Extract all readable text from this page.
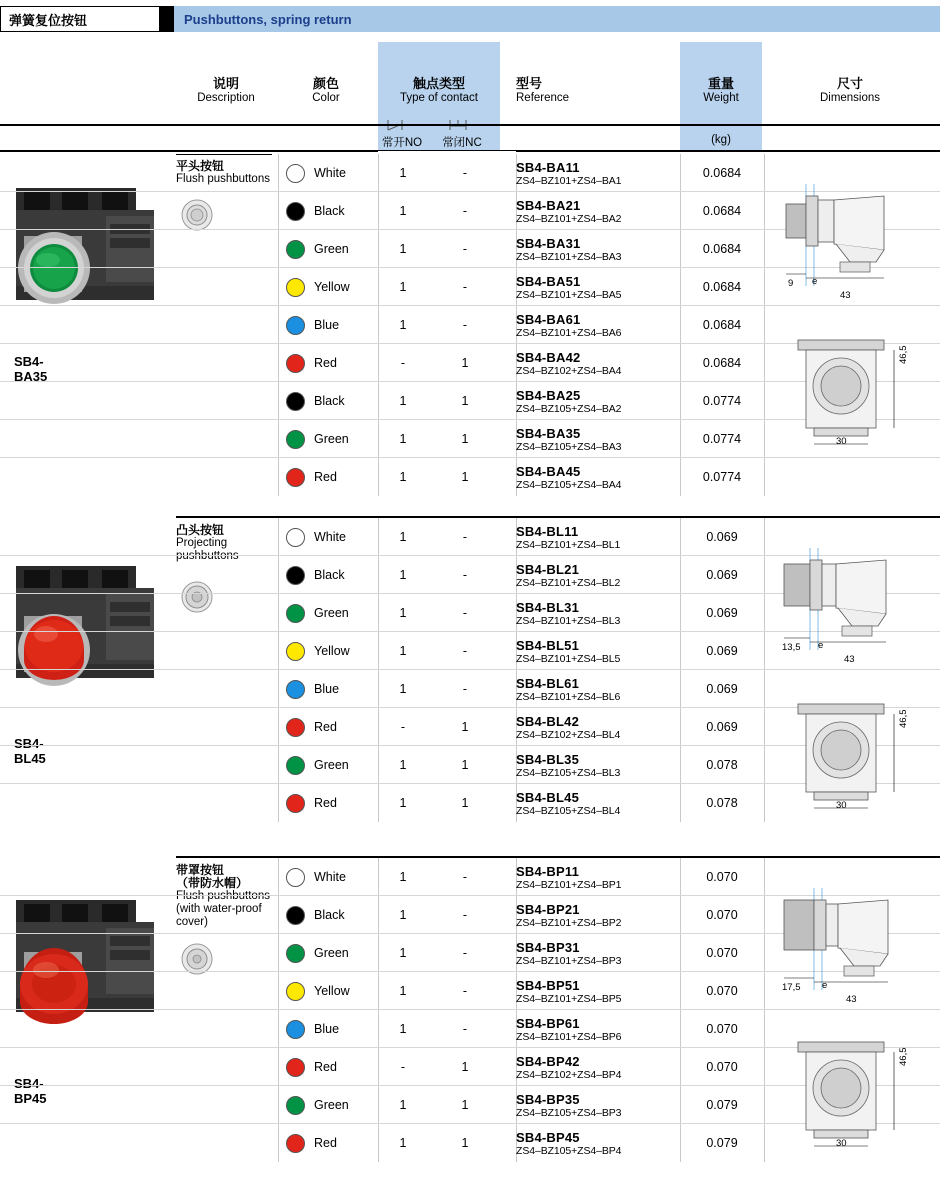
弹簧复位按钮	Pushbuttons, spring return
说明
Description
颜色
Color
触点类型
Type of contact
型号
Reference
重量
Weight
尺寸
Dimensions
常开NO	常闭NC	(kg)
平头按钮
Flush pushbuttons
SB4-BA35
White	1	-	SB4-BA11
ZS4–BZ101+ZS4–BA1
0.0684
Black	1	-	SB4-BA21
ZS4–BZ101+ZS4–BA2
0.0684
Green	1	-	SB4-BA31
ZS4–BZ101+ZS4–BA3
0.0684
Yellow	1	-	SB4-BA51
ZS4–BZ101+ZS4–BA5
0.0684
Blue	1	-	SB4-BA61
ZS4–BZ101+ZS4–BA6
0.0684
Red	-	1	SB4-BA42
ZS4–BZ102+ZS4–BA4
0.0684
Black	1	1	SB4-BA25
ZS4–BZ105+ZS4–BA2
0.0774
Green	1	1	SB4-BA35
ZS4–BZ105+ZS4–BA3
0.0774
Red	1	1	SB4-BA45
ZS4–BZ105+ZS4–BA4
0.0774
9 e
43
46,5
30
凸头按钮
Projecting
pushbuttons
SB4-BL45
White	1	-	SB4-BL11
ZS4–BZ101+ZS4–BL1
0.069
Black	1	-	SB4-BL21
ZS4–BZ101+ZS4–BL2
0.069
Green	1	-	SB4-BL31
ZS4–BZ101+ZS4–BL3
0.069
Yellow	1	-	SB4-BL51
ZS4–BZ101+ZS4–BL5
0.069
Blue	1	-	SB4-BL61
ZS4–BZ101+ZS4–BL6
0.069
Red	-	1	SB4-BL42
ZS4–BZ102+ZS4–BL4
0.069
Green	1	1	SB4-BL35
ZS4–BZ105+ZS4–BL3
0.078
Red	1	1	SB4-BL45
ZS4–BZ105+ZS4–BL4
0.078
13,5 e
43
46,5
30
带罩按钮
（带防水帽）
Flush pushbuttons
(with water-proof
cover)
SB4-BP45
White	1	-	SB4-BP11
ZS4–BZ101+ZS4–BP1
0.070
Black	1	-	SB4-BP21
ZS4–BZ101+ZS4–BP2
0.070
Green	1	-	SB4-BP31
ZS4–BZ101+ZS4–BP3
0.070
Yellow	1	-	SB4-BP51
ZS4–BZ101+ZS4–BP5
0.070
Blue	1	-	SB4-BP61
ZS4–BZ101+ZS4–BP6
0.070
Red	-	1	SB4-BP42
ZS4–BZ102+ZS4–BP4
0.070
Green	1	1	SB4-BP35
ZS4–BZ105+ZS4–BP3
0.079
Red	1	1	SB4-BP45
ZS4–BZ105+ZS4–BP4
0.079
17,5 e
43
46,5
30
